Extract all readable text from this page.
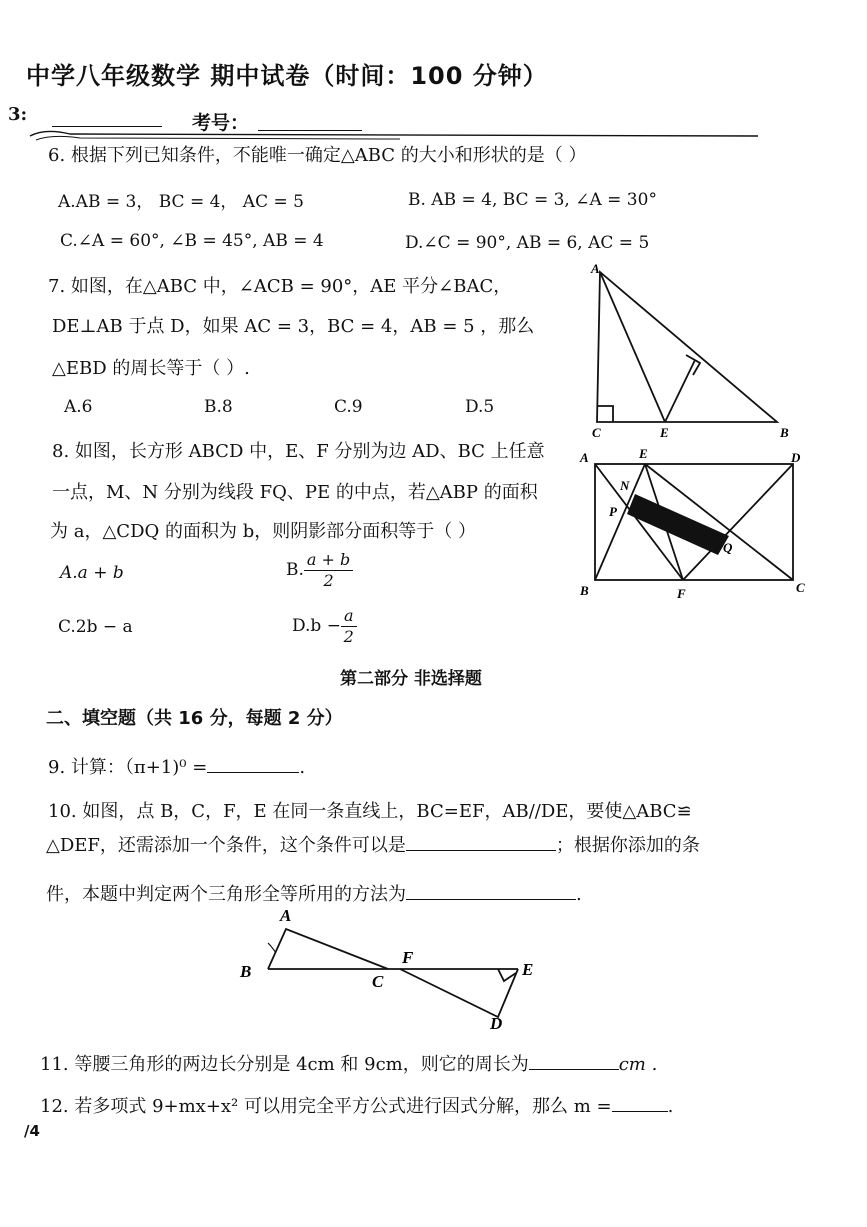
中学八年级数学 期中试卷（时间：100 分钟）
3:	考号：
6. 根据下列已知条件，不能唯一确定△ABC 的大小和形状的是（ ）
A.AB = 3， BC = 4， AC = 5	B. AB = 4, BC = 3, ∠A = 30°
C.∠A = 60°, ∠B = 45°, AB = 4	D.∠C = 90°, AB = 6, AC = 5
7. 如图，在△ABC 中，∠ACB = 90°，AE 平分∠BAC，
DE⊥AB 于点 D，如果 AC = 3，BC = 4，AB = 5 ，那么
△EBD 的周长等于（ ）.
A.6	B.8	C.9	D.5
A
C	E	B
8. 如图，长方形 ABCD 中，E、F 分别为边 AD、BC 上任意
一点，M、N 分别为线段 FQ、PE 的中点，若△ABP 的面积
为 a，△CDQ 的面积为 b，则阴影部分面积等于（ ）
A.a + b	B. $\frac{a + b}{2}$
C.2b − a	$D.b - \frac{a}{2}$
A	E	D
N
P
Q
B	F	C
第二部分 非选择题
二、填空题（共 16 分，每题 2 分）
9. 计算：（π+1)⁰ =	.
10. 如图，点 B，C，F，E 在同一条直线上，BC=EF，AB//DE，要使△ABC≌
△DEF，还需添加一个条件，这个条件可以是	；根据你添加的条
件，本题中判定两个三角形全等所用的方法为	.
A
B
C
F
E
D
11. 等腰三角形的两边长分别是 4cm 和 9cm，则它的周长为	cm .
12. 若多项式 9+mx+x² 可以用完全平方公式进行因式分解，那么 m =	.
/4
